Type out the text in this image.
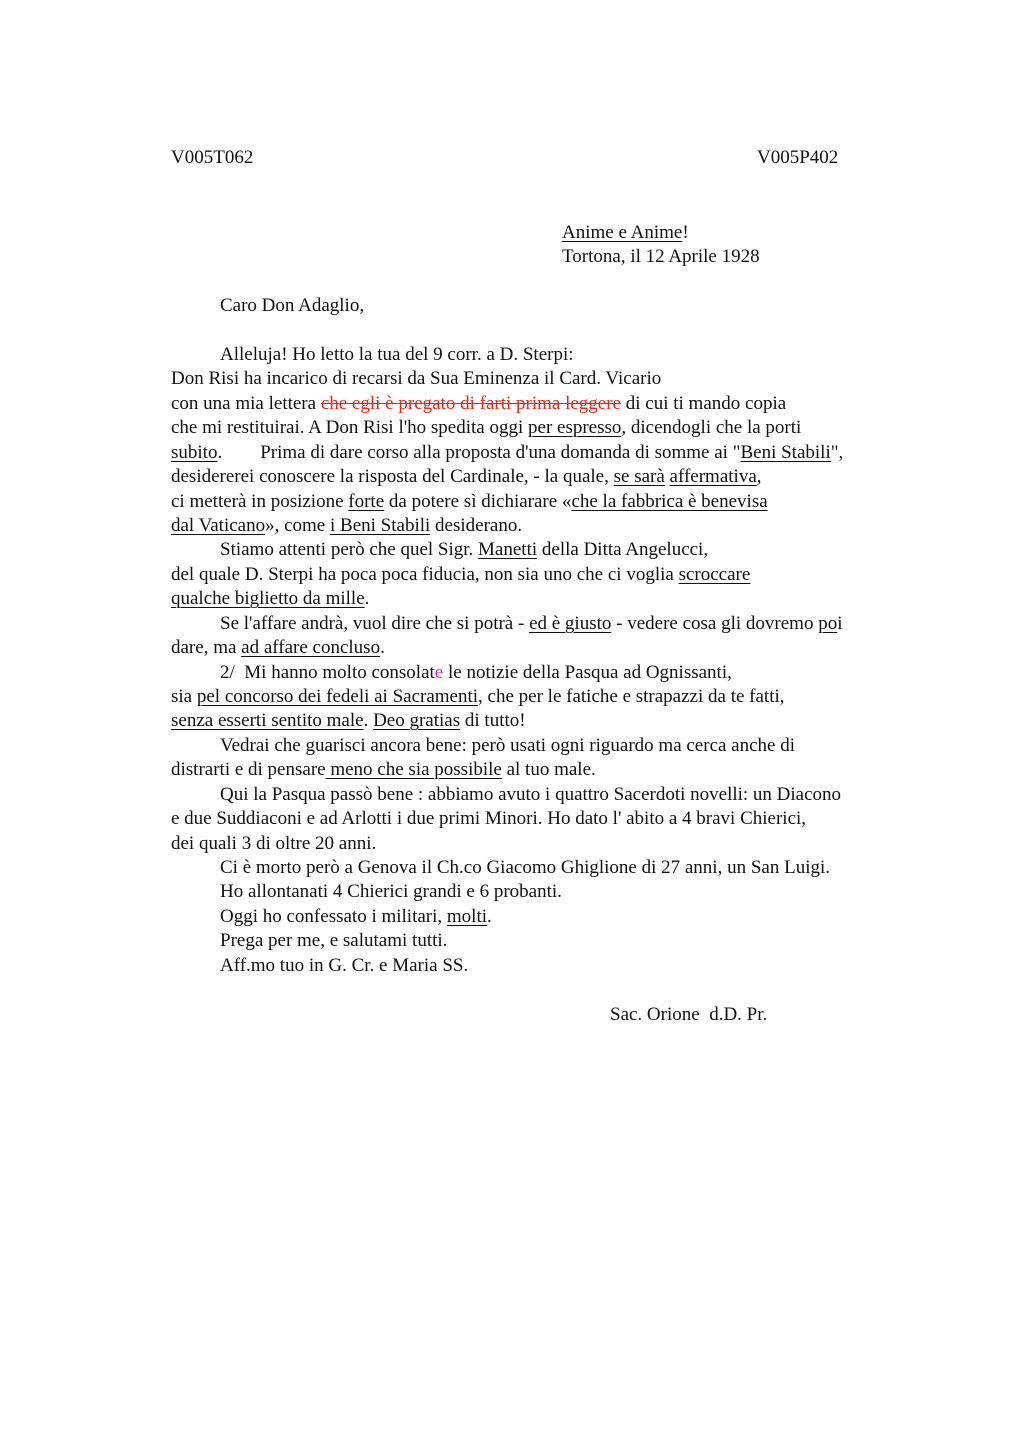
V005T062	V005P402
Anime e Anime!
Tortona, il 12 Aprile 1928
Caro Don Adaglio,
Alleluja! Ho letto la tua del 9 corr. a D. Sterpi:
Don Risi ha incarico di recarsi da Sua Eminenza il Card. Vicario
con una mia lettera che egli è pregato di farti prima leggere di cui ti mando copia
che mi restituirai. A Don Risi l'ho spedita oggi per espresso, dicendogli che la porti
subito.        Prima di dare corso alla proposta d'una domanda di somme ai "Beni Stabili",
desidererei conoscere la risposta del Cardinale, - la quale, se sarà affermativa,
ci metterà in posizione forte da potere sì dichiarare «che la fabbrica è benevisa
dal Vaticano», come i Beni Stabili desiderano.
Stiamo attenti però che quel Sigr. Manetti della Ditta Angelucci,
del quale D. Sterpi ha poca poca fiducia, non sia uno che ci voglia scroccare
qualche biglietto da mille.
Se l'affare andrà, vuol dire che si potrà - ed è giusto - vedere cosa gli dovremo poi
dare, ma ad affare concluso.
2/  Mi hanno molto consolate le notizie della Pasqua ad Ognissanti,
sia pel concorso dei fedeli ai Sacramenti, che per le fatiche e strapazzi da te fatti,
senza esserti sentito male. Deo gratias di tutto!
Vedrai che guarisci ancora bene: però usati ogni riguardo ma cerca anche di
distrarti e di pensare meno che sia possibile al tuo male.
Qui la Pasqua passò bene : abbiamo avuto i quattro Sacerdoti novelli: un Diacono
e due Suddiaconi e ad Arlotti i due primi Minori. Ho dato l' abito a 4 bravi Chierici,
dei quali 3 di oltre 20 anni.
Ci è morto però a Genova il Ch.co Giacomo Ghiglione di 27 anni, un San Luigi.
Ho allontanati 4 Chierici grandi e 6 probanti.
Oggi ho confessato i militari, molti.
Prega per me, e salutami tutti.
Aff.mo tuo in G. Cr. e Maria SS.
Sac. Orione  d.D. Pr.
